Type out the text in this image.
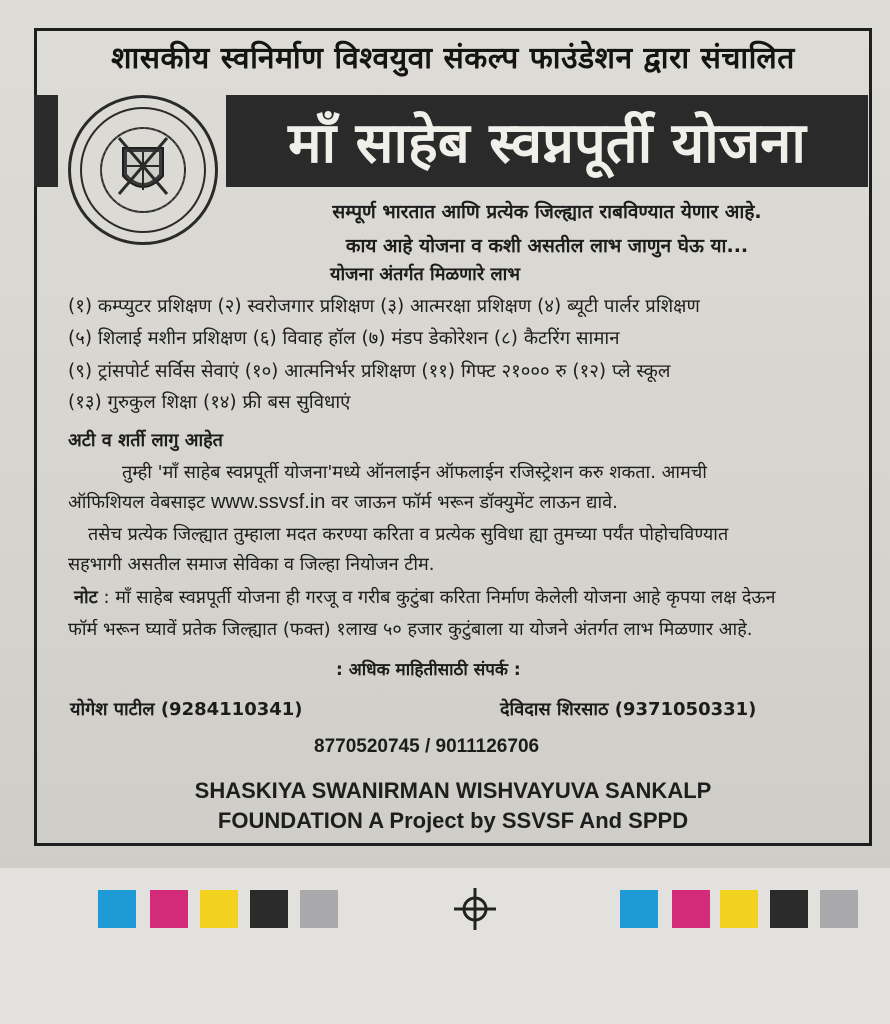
शासकीय स्वनिर्माण विश्‍वयुवा संकल्प फाउंडेशन द्वारा संचालित
माँ साहेब स्वप्नपूर्ती योजना
सम्पूर्ण भारतात आणि प्रत्येक जिल्ह्यात राबविण्यात येणार आहे.
काय आहे योजना व कशी असतील लाभ जाणुन घेऊ या...
योजना अंतर्गत मिळणारे लाभ
(१) कम्प्युटर प्रशिक्षण (२) स्वरोजगार प्रशिक्षण (३) आत्मरक्षा प्रशिक्षण (४) ब्यूटी पार्लर प्रशिक्षण
(५) शिलाई मशीन प्रशिक्षण (६) विवाह हॉल (७) मंडप डेकोरेशन (८) कैटरिंग सामान
(९) ट्रांसपोर्ट सर्विस सेवाएं (१०) आत्मनिर्भर प्रशिक्षण (११) गिफ्ट २१००० रु (१२) प्ले स्कूल
(१३) गुरुकुल शिक्षा (१४) फ्री बस सुविधाएं
अटी व शर्ती लागु आहेत
तुम्ही 'माँ साहेब स्वप्नपूर्ती योजना'मध्ये ऑनलाईन ऑफलाईन रजिस्ट्रेशन करु शकता. आमची
ऑफिशियल वेबसाइट www.ssvsf.in वर जाऊन फॉर्म भरून डॉक्युमेंट लाऊन द्यावे.
तसेच प्रत्येक जिल्ह्यात तुम्हाला मदत करण्या करिता व प्रत्येक सुविधा ह्या तुमच्या पर्यंत पोहोचविण्यात
सहभागी असतील समाज सेविका व जिल्हा नियोजन टीम.
नोट : माँ साहेब स्वप्नपूर्ती योजना ही गरजू व गरीब कुटुंबा करिता निर्माण केलेली योजना आहे कृपया लक्ष देऊन
फॉर्म भरून घ्यावें प्रतेक जिल्ह्यात (फक्त) १लाख ५० हजार कुटुंबाला या योजने अंतर्गत लाभ मिळणार आहे.
: अधिक माहितीसाठी संपर्क :
योगेश पाटील (9284110341)	देविदास शिरसाठ (9371050331)
8770520745 / 9011126706
SHASKIYA SWANIRMAN WISHVAYUVA SANKALP
FOUNDATION A Project by SSVSF And SPPD
